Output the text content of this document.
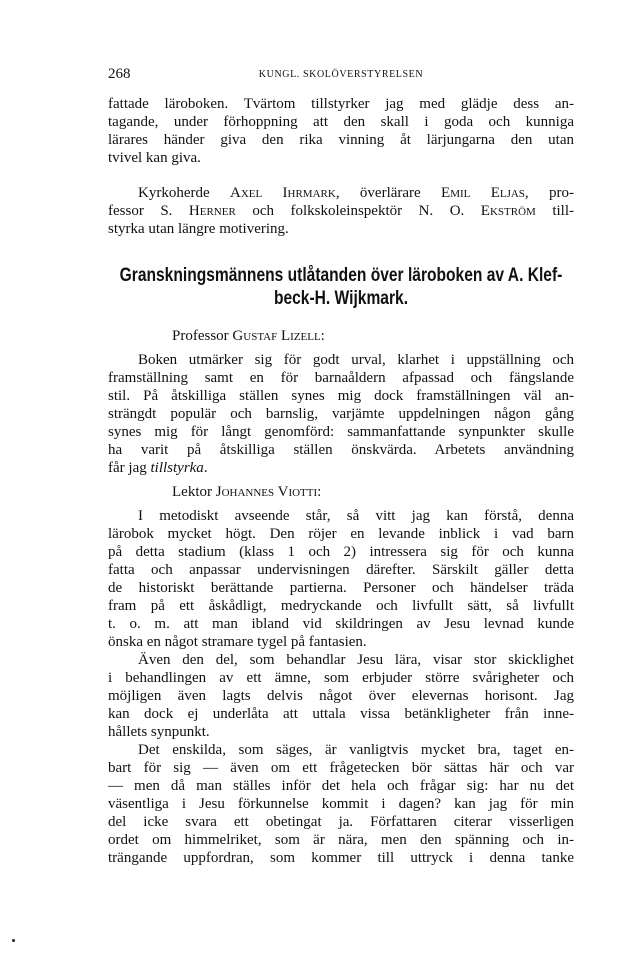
268	KUNGL. SKOLÖVERSTYRELSEN

fattade läroboken. Tvärtom tillstyrker jag med glädje dess an-
tagande, under förhoppning att den skall i goda och kunniga
lärares händer giva den rika vinning åt lärjungarna den utan
tvivel kan giva.

Kyrkoherde Axel Ihrmark, överlärare Emil Eljas, pro-
fessor S. Herner och folkskoleinspektör N. O. Ekström till-
styrka utan längre motivering.

Granskningsmännens utlåtanden över läroboken av A. Klef-
beck-H. Wijkmark.

Professor Gustaf Lizell:

Boken utmärker sig för godt urval, klarhet i uppställning och
framställning samt en för barnaåldern afpassad och fängslande
stil. På åtskilliga ställen synes mig dock framställningen väl an-
strängdt populär och barnslig, varjämte uppdelningen någon gång
synes mig för långt genomförd: sammanfattande synpunkter skulle
ha varit på åtskilliga ställen önskvärda. Arbetets användning
får jag tillstyrka.

Lektor Johannes Viotti:

I metodiskt avseende står, så vitt jag kan förstå, denna
lärobok mycket högt. Den röjer en levande inblick i vad barn
på detta stadium (klass 1 och 2) intressera sig för och kunna
fatta och anpassar undervisningen därefter. Särskilt gäller detta
de historiskt berättande partierna. Personer och händelser träda
fram på ett åskådligt, medryckande och livfullt sätt, så livfullt
t. o. m. att man ibland vid skildringen av Jesu levnad kunde
önska en något stramare tygel på fantasien.
Även den del, som behandlar Jesu lära, visar stor skicklighet
i behandlingen av ett ämne, som erbjuder större svårigheter och
möjligen även lagts delvis något över elevernas horisont. Jag
kan dock ej underlåta att uttala vissa betänkligheter från inne-
hållets synpunkt.
Det enskilda, som säges, är vanligtvis mycket bra, taget en-
bart för sig — även om ett frågetecken bör sättas här och var
— men då man ställes inför det hela och frågar sig: har nu det
väsentliga i Jesu förkunnelse kommit i dagen? kan jag för min
del icke svara ett obetingat ja. Författaren citerar visserligen
ordet om himmelriket, som är nära, men den spänning och in-
trängande uppfordran, som kommer till uttryck i denna tanke
